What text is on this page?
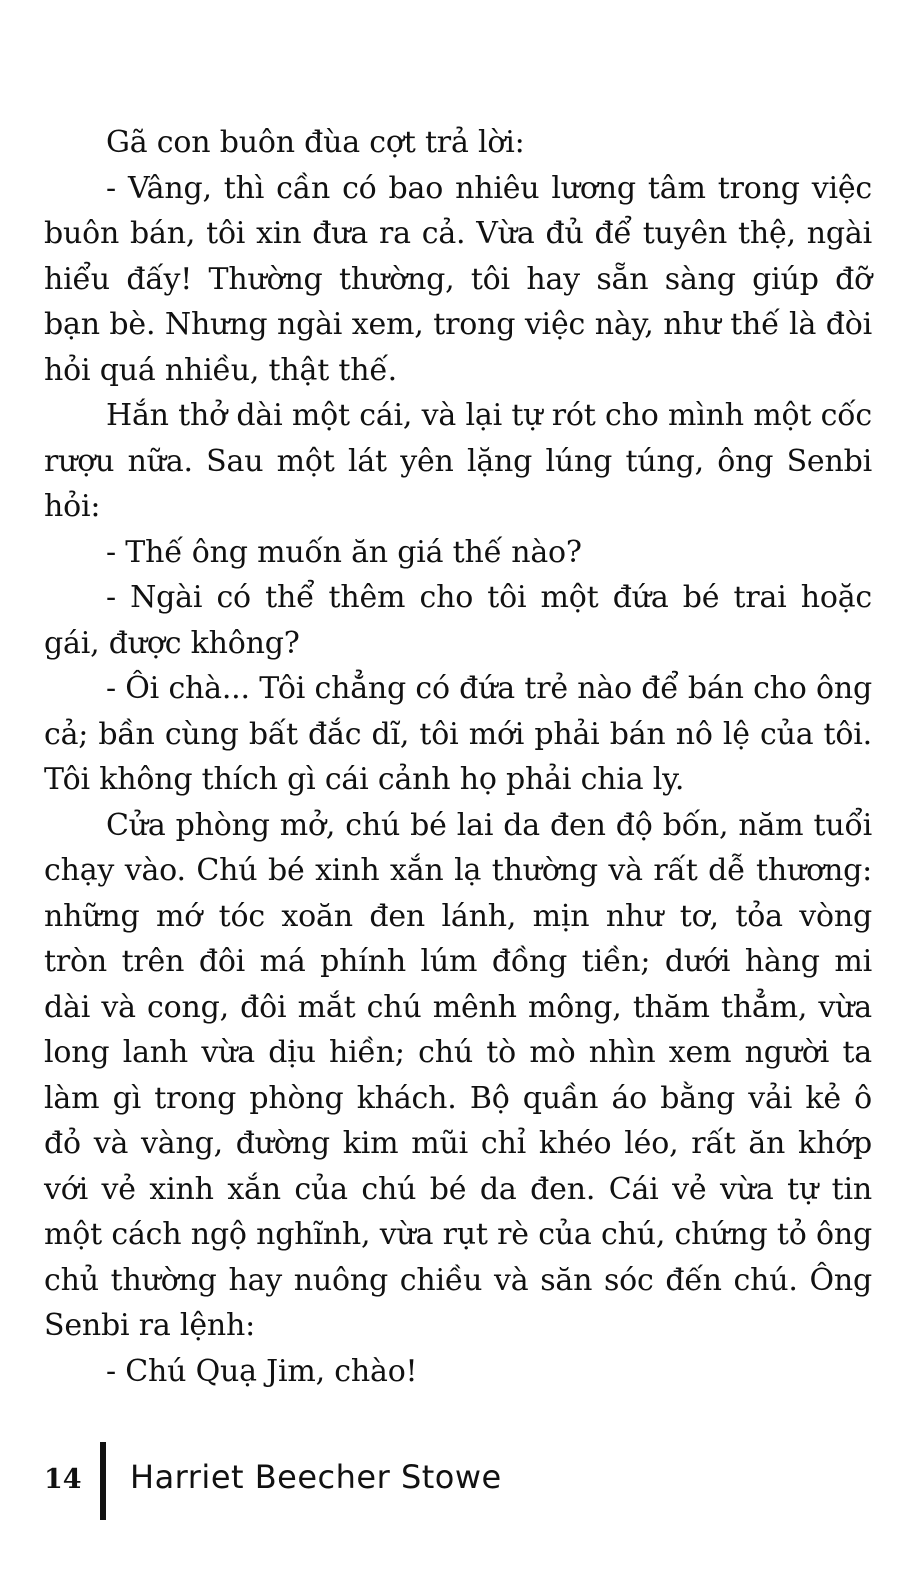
Gã con buôn đùa cợt trả lời:

- Vâng, thì cần có bao nhiêu lương tâm trong việc buôn bán, tôi xin đưa ra cả. Vừa đủ để tuyên thệ, ngài hiểu đấy! Thường thường, tôi hay sẵn sàng giúp đỡ bạn bè. Nhưng ngài xem, trong việc này, như thế là đòi hỏi quá nhiều, thật thế.

Hắn thở dài một cái, và lại tự rót cho mình một cốc rượu nữa. Sau một lát yên lặng lúng túng, ông Senbi hỏi:

- Thế ông muốn ăn giá thế nào?

- Ngài có thể thêm cho tôi một đứa bé trai hoặc gái, được không?

- Ôi chà... Tôi chẳng có đứa trẻ nào để bán cho ông cả; bần cùng bất đắc dĩ, tôi mới phải bán nô lệ của tôi. Tôi không thích gì cái cảnh họ phải chia ly.

Cửa phòng mở, chú bé lai da đen độ bốn, năm tuổi chạy vào. Chú bé xinh xắn lạ thường và rất dễ thương: những mớ tóc xoăn đen lánh, mịn như tơ, tỏa vòng tròn trên đôi má phính lúm đồng tiền; dưới hàng mi dài và cong, đôi mắt chú mênh mông, thăm thẳm, vừa long lanh vừa dịu hiền; chú tò mò nhìn xem người ta làm gì trong phòng khách. Bộ quần áo bằng vải kẻ ô đỏ và vàng, đường kim mũi chỉ khéo léo, rất ăn khớp với vẻ xinh xắn của chú bé da đen. Cái vẻ vừa tự tin một cách ngộ nghĩnh, vừa rụt rè của chú, chứng tỏ ông chủ thường hay nuông chiều và săn sóc đến chú. Ông Senbi ra lệnh:

- Chú Quạ Jim, chào!

14 Harriet Beecher Stowe
